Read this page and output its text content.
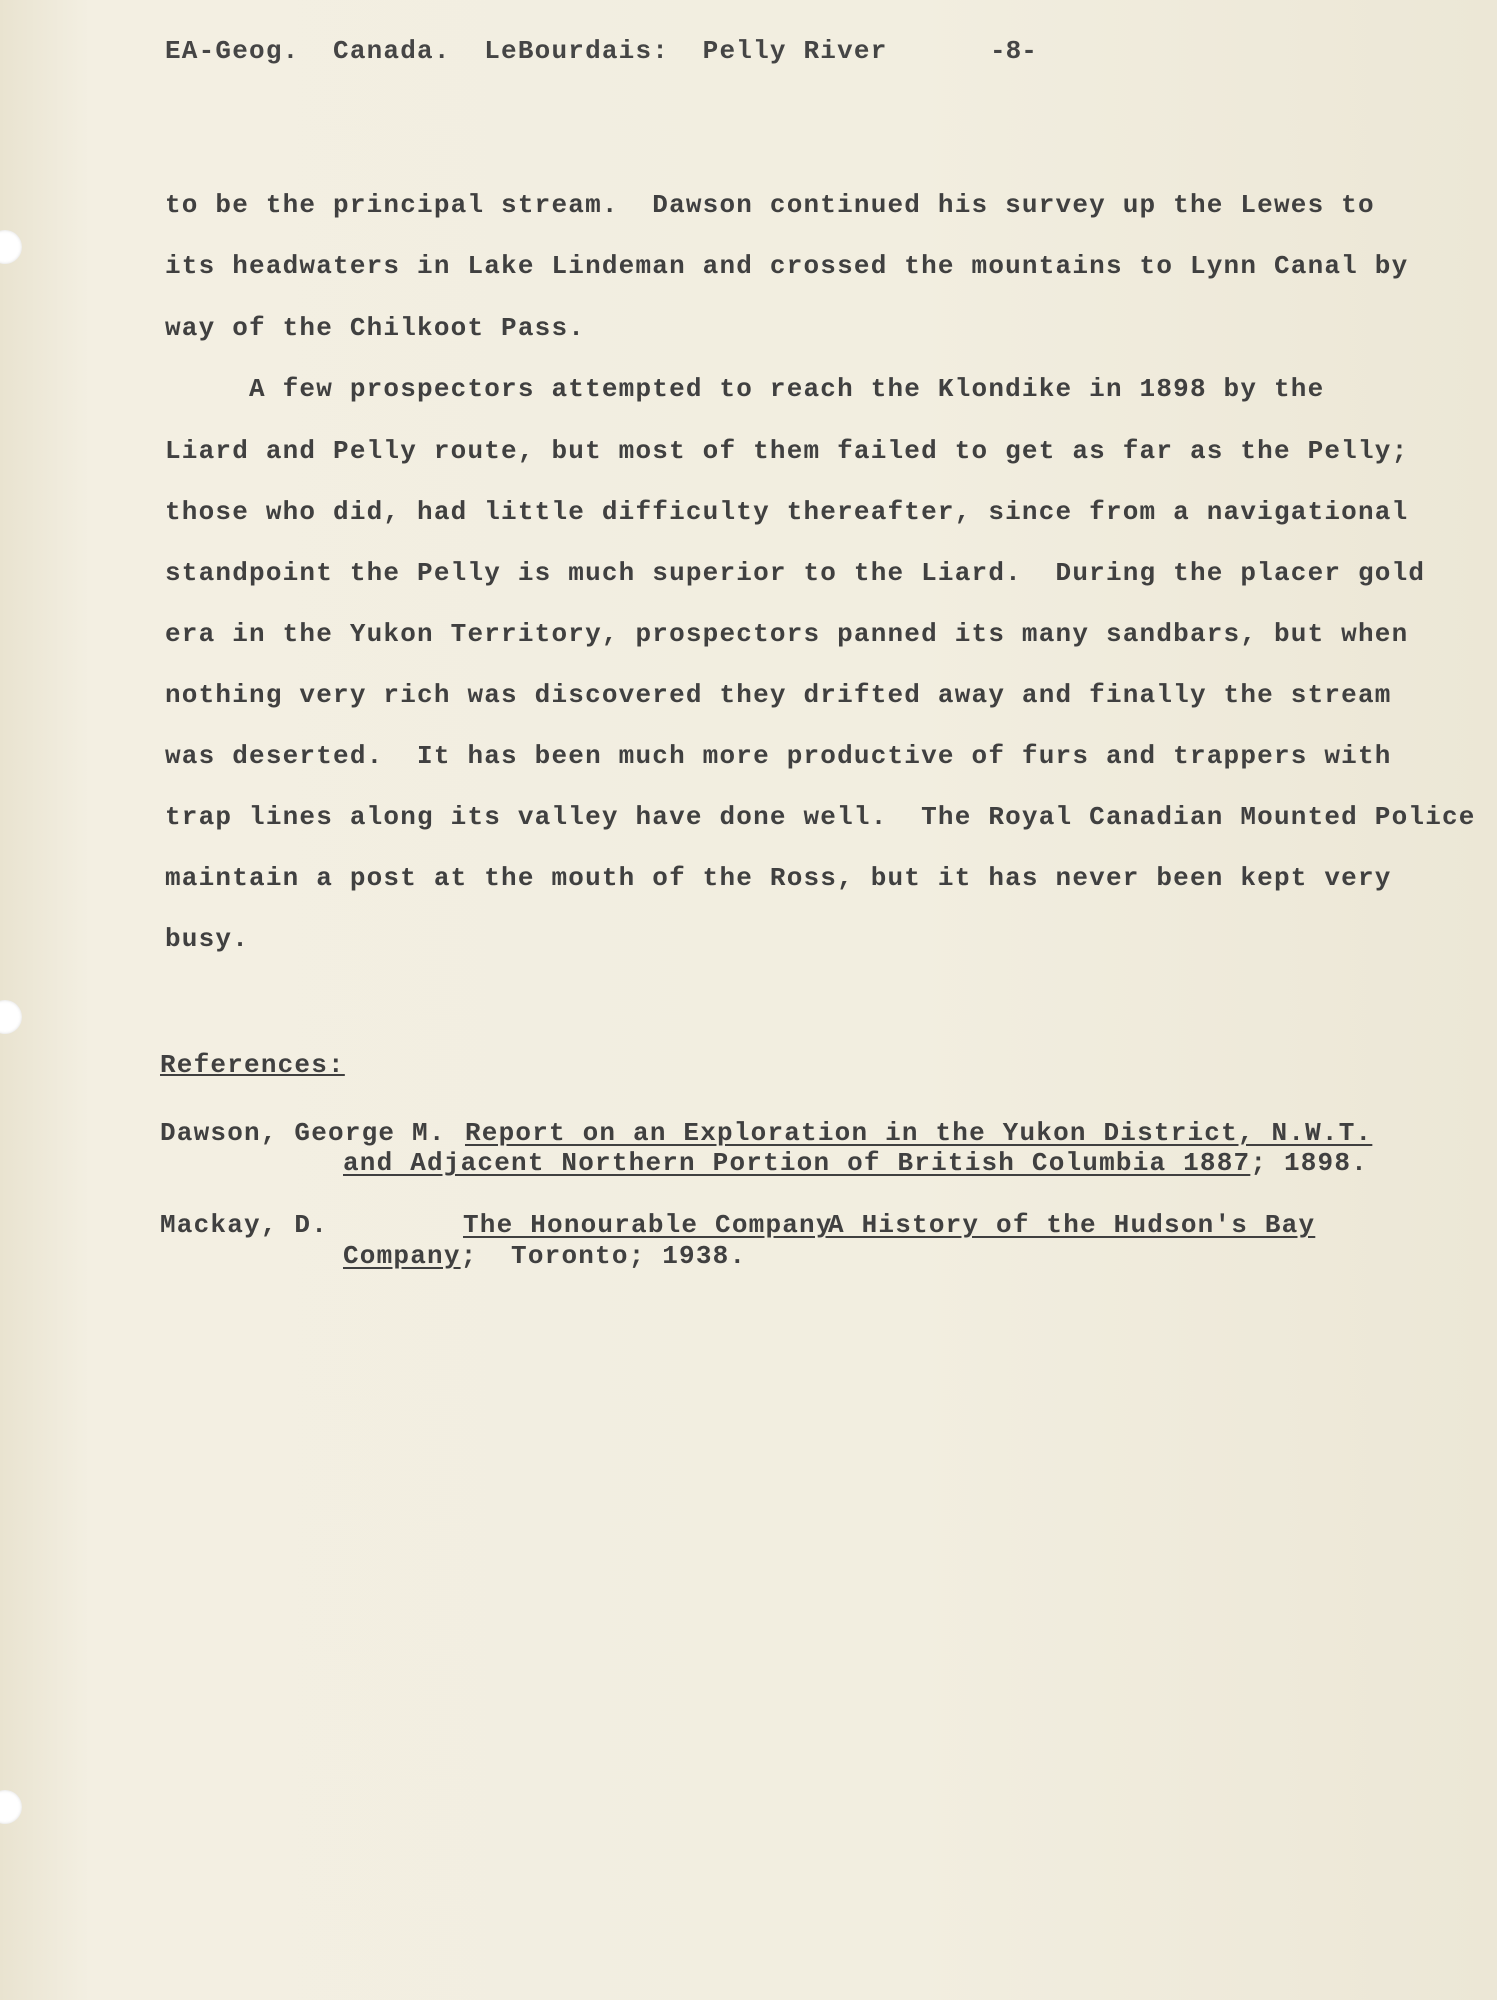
EA-Geog.  Canada.  LeBourdais:  Pelly River	-8-
to be the principal stream.  Dawson continued his survey up the Lewes to
its headwaters in Lake Lindeman and crossed the mountains to Lynn Canal by
way of the Chilkoot Pass.
A few prospectors attempted to reach the Klondike in 1898 by the
Liard and Pelly route, but most of them failed to get as far as the Pelly;
those who did, had little difficulty thereafter, since from a navigational
standpoint the Pelly is much superior to the Liard.  During the placer gold
era in the Yukon Territory, prospectors panned its many sandbars, but when
nothing very rich was discovered they drifted away and finally the stream
was deserted.  It has been much more productive of furs and trappers with
trap lines along its valley have done well.  The Royal Canadian Mounted Police
maintain a post at the mouth of the Ross, but it has never been kept very
busy.
References:
Dawson, George M. Report on an Exploration in the Yukon District, N.W.T.
and Adjacent Northern Portion of British Columbia 1887; 1898.
Mackay, D.	The Honourable Company
A History of the Hudson's Bay
Company;  Toronto; 1938.
